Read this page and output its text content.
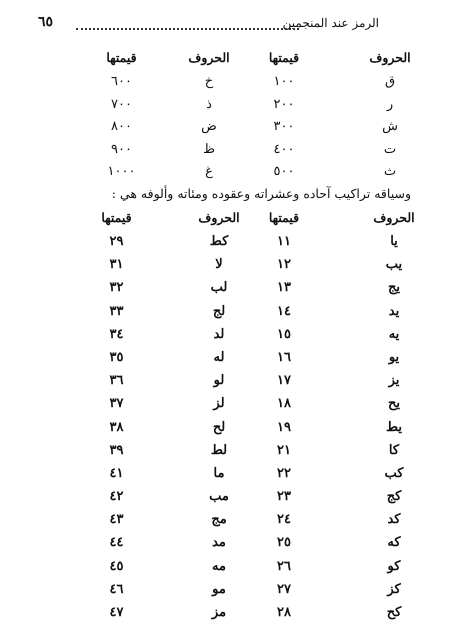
الرمز عند المنجمين
٦٥
الحروف
قيمتها
الحروف
قيمتها
ق
١٠٠
خ
٦٠٠
ر
٢٠٠
ذ
٧٠٠
ش
٣٠٠
ض
٨٠٠
ت
٤٠٠
ظ
٩٠٠
ث
٥٠٠
غ
١٠٠٠
وسياقه تراكيب آحاده وعشراته وعقوده ومئاته وألوفه هي :
الحروف
قيمتها
الحروف
قيمتها
يا
١١
كط
٢٩
يب
١٢
لا
٣١
يج
١٣
لب
٣٢
يد
١٤
لج
٣٣
يه
١٥
لد
٣٤
يو
١٦
له
٣٥
يز
١٧
لو
٣٦
يح
١٨
لز
٣٧
يط
١٩
لح
٣٨
كا
٢١
لط
٣٩
كب
٢٢
ما
٤١
كج
٢٣
مب
٤٢
كد
٢٤
مج
٤٣
كه
٢٥
مد
٤٤
كو
٢٦
مه
٤٥
كز
٢٧
مو
٤٦
كح
٢٨
مز
٤٧
